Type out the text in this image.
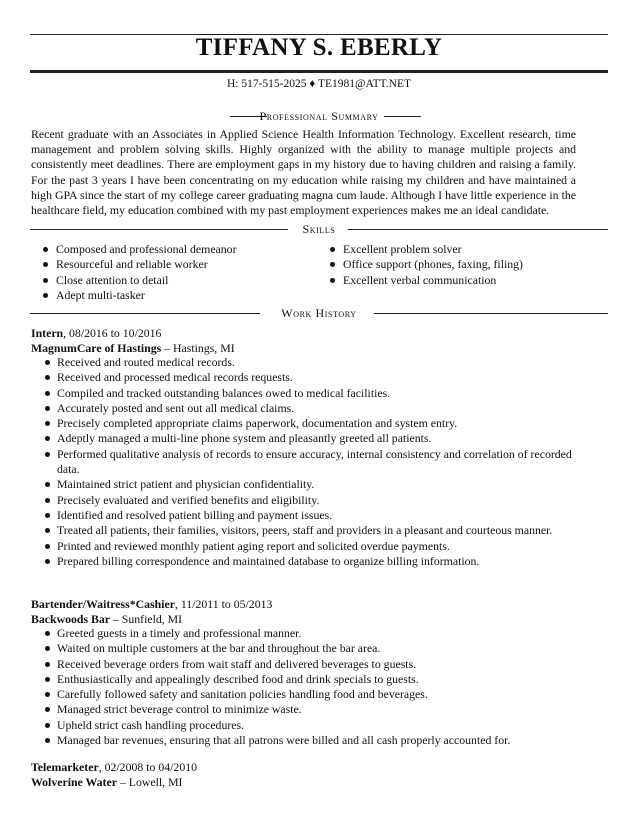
TIFFANY S. EBERLY
H: 517-515-2025 ♦ TE1981@ATT.NET
Professional Summary
Recent graduate with an Associates in Applied Science Health Information Technology. Excellent research, time management and problem solving skills. Highly organized with the ability to manage multiple projects and consistently meet deadlines. There are employment gaps in my history due to having children and raising a family. For the past 3 years I have been concentrating on my education while raising my children and have maintained a high GPA since the start of my college career graduating magna cum laude. Although I have little experience in the healthcare field, my education combined with my past employment experiences makes me an ideal candidate.
Skills
Composed and professional demeanor
Resourceful and reliable worker
Close attention to detail
Adept multi-tasker
Excellent problem solver
Office support (phones, faxing, filing)
Excellent verbal communication
Work History
Intern, 08/2016 to 10/2016
MagnumCare of Hastings – Hastings, MI
Received and routed medical records.
Received and processed medical records requests.
Compiled and tracked outstanding balances owed to medical facilities.
Accurately posted and sent out all medical claims.
Precisely completed appropriate claims paperwork, documentation and system entry.
Adeptly managed a multi-line phone system and pleasantly greeted all patients.
Performed qualitative analysis of records to ensure accuracy, internal consistency and correlation of recorded data.
Maintained strict patient and physician confidentiality.
Precisely evaluated and verified benefits and eligibility.
Identified and resolved patient billing and payment issues.
Treated all patients, their families, visitors, peers, staff and providers in a pleasant and courteous manner.
Printed and reviewed monthly patient aging report and solicited overdue payments.
Prepared billing correspondence and maintained database to organize billing information.
Bartender/Waitress*Cashier, 11/2011 to 05/2013
Backwoods Bar – Sunfield, MI
Greeted guests in a timely and professional manner.
Waited on multiple customers at the bar and throughout the bar area.
Received beverage orders from wait staff and delivered beverages to guests.
Enthusiastically and appealingly described food and drink specials to guests.
Carefully followed safety and sanitation policies handling food and beverages.
Managed strict beverage control to minimize waste.
Upheld strict cash handling procedures.
Managed bar revenues, ensuring that all patrons were billed and all cash properly accounted for.
Telemarketer, 02/2008 to 04/2010
Wolverine Water – Lowell, MI
